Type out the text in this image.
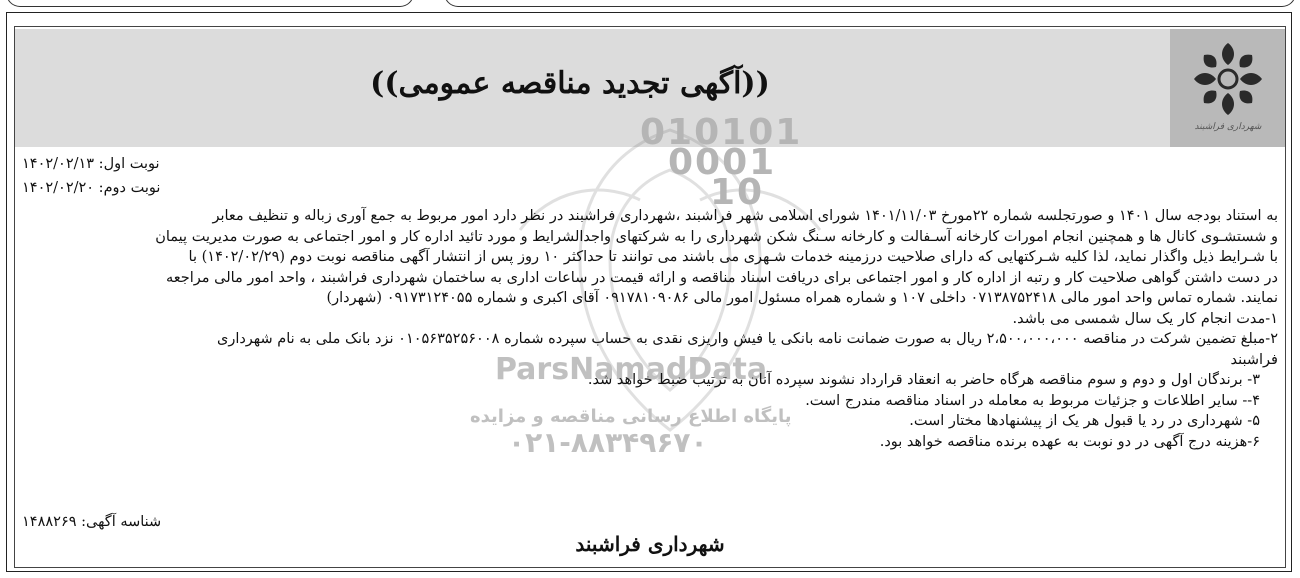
شهرداری فراشبند
((آگهی تجدید مناقصه عمومی))
010101
0001
10
ParsNamadData
پایگاه اطلاع رسانی مناقصه و مزایده
۰۲۱-۸۸۳۴۹۶۷۰
نوبت اول: ۱۴۰۲/۰۲/۱۳
نوبت دوم: ۱۴۰۲/۰۲/۲۰

به استناد بودجه سال ۱۴۰۱ و صورتجلسه شماره ۲۲مورخ ۱۴۰۱/۱۱/۰۳ شورای اسلامی شهر فراشبند ،شهرداری فراشبند در نظر دارد امور مربوط به جمع آوری زباله و تنظیف معابر

و شستشـوی کانال ها و همچنین انجام امورات کارخانه آسـفالت و کارخانه سـنگ شکن شهرداری را به شرکتهای واجدالشرایط و مورد تائید اداره کار و امور اجتماعی به صورت مدیریت پیمان

با شـرایط ذیل واگذار نماید، لذا کلیه شـرکتهایی که دارای صلاحیت درزمینه خدمات شـهری می باشند می توانند تا حداکثر ۱۰ روز پس از انتشار آگهی مناقصه نوبت دوم (۱۴۰۲/۰۲/۲۹) با

در دست داشتن گواهی صلاحیت کار و رتبه از اداره کار و امور اجتماعی برای دریافت اسناد مناقصه و ارائه قیمت در ساعات اداری به ساختمان شهرداری فراشبند ، واحد امور مالی مراجعه

نمایند. شماره تماس واحد امور مالی ۰۷۱۳۸۷۵۲۴۱۸ داخلی ۱۰۷ و شماره همراه مسئول امور مالی ۰۹۱۷۸۱۰۹۰۸۶ آقای اکبری و شماره ۰۹۱۷۳۱۲۴۰۵۵ (شهردار)

۱-مدت انجام کار یک سال شمسی می باشد.

۲-مبلغ تضمین شرکت در مناقصه ۲،۵۰۰،۰۰۰،۰۰۰ ریال به صورت ضمانت نامه بانکی یا فیش واریزی نقدی به حساب سپرده شماره ۰۱۰۵۶۳۵۲۵۶۰۰۸ نزد بانک ملی به نام شهرداری

فراشبند

۳- برندگان اول و دوم و سوم مناقصه هرگاه حاضر به انعقاد قرارداد نشوند سپرده آنان به ترتیب ضبط خواهد شد.

۴-- سایر اطلاعات و جزئیات مربوط به معامله در اسناد مناقصه مندرج است.

۵- شهرداری در رد یا قبول هر یک از پیشنهادها مختار است.

۶-هزینه درج آگهی در دو نوبت به عهده برنده مناقصه خواهد بود.

شناسه آگهی: ۱۴۸۸۲۶۹
شهرداری فراشبند
